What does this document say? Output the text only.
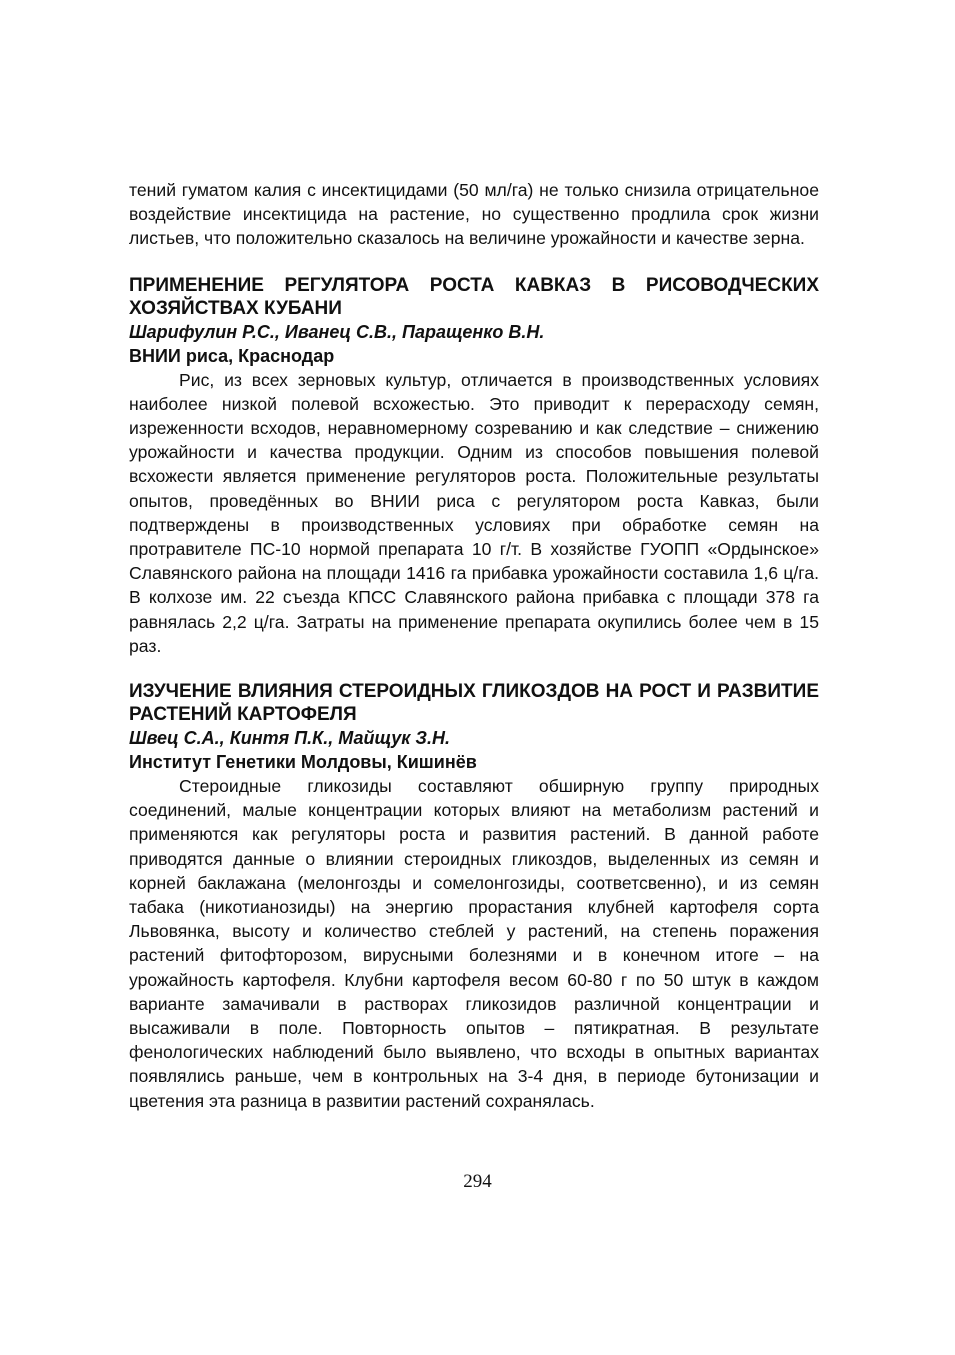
тений гуматом калия с инсектицидами (50 мл/га) не только снизила отрицательное воздействие инсектицида на растение, но существенно продлила срок жизни листьев, что положительно сказалось на величине урожайности и качестве зерна.

ПРИМЕНЕНИЕ РЕГУЛЯТОРА РОСТА КАВКАЗ В РИСОВОДЧЕСКИХ ХОЗЯЙСТВАХ КУБАНИ

Шарифулин Р.С., Иванец С.В., Паращенко В.Н.

ВНИИ риса, Краснодар

Рис, из всех зерновых культур, отличается в производственных условиях наиболее низкой полевой всхожестью. Это приводит к перерасходу семян, изреженности всходов, неравномерному созреванию и как следствие – снижению урожайности и качества продукции. Одним из способов повышения полевой всхожести является применение регуляторов роста. Положительные результаты опытов, проведённых во ВНИИ риса с регулятором роста Кавказ, были подтверждены в производственных условиях при обработке семян на протравителе ПС-10 нормой препарата 10 г/т. В хозяйстве ГУОПП «Ордынское» Славянского района на площади 1416 га прибавка урожайности составила 1,6 ц/га. В колхозе им. 22 съезда КПСС Славянского района прибавка с площади 378 га равнялась 2,2 ц/га. Затраты на применение препарата окупились более чем в 15 раз.

ИЗУЧЕНИЕ ВЛИЯНИЯ СТЕРОИДНЫХ ГЛИКОЗДОВ НА РОСТ И РАЗВИТИЕ РАСТЕНИЙ КАРТОФЕЛЯ

Швец С.А., Кинтя П.К., Майщук З.Н.

Институт Генетики Молдовы, Кишинёв

Стероидные гликозиды составляют обширную группу природных соединений, малые концентрации которых влияют на метаболизм растений и применяются как регуляторы роста и развития растений. В данной работе приводятся данные о влиянии стероидных гликоздов, выделенных из семян и корней баклажана (мелонгозды и сомелонгозиды, соответсвенно), и из семян табака (никотианозиды) на энергию прорастания клубней картофеля сорта Львовянка, высоту и количество стеблей у растений, на степень поражения растений фитофторозом, вирусными болезнями и в конечном итоге – на урожайность картофеля. Клубни картофеля весом 60-80 г по 50 штук в каждом варианте замачивали в растворах гликозидов различной концентрации и высаживали в поле. Повторность опытов – пятикратная. В результате фенологических наблюдений было выявлено, что всходы в опытных вариантах появлялись раньше, чем в контрольных на 3-4 дня, в периоде бутонизации и цветения эта разница в развитии растений сохранялась.

294
